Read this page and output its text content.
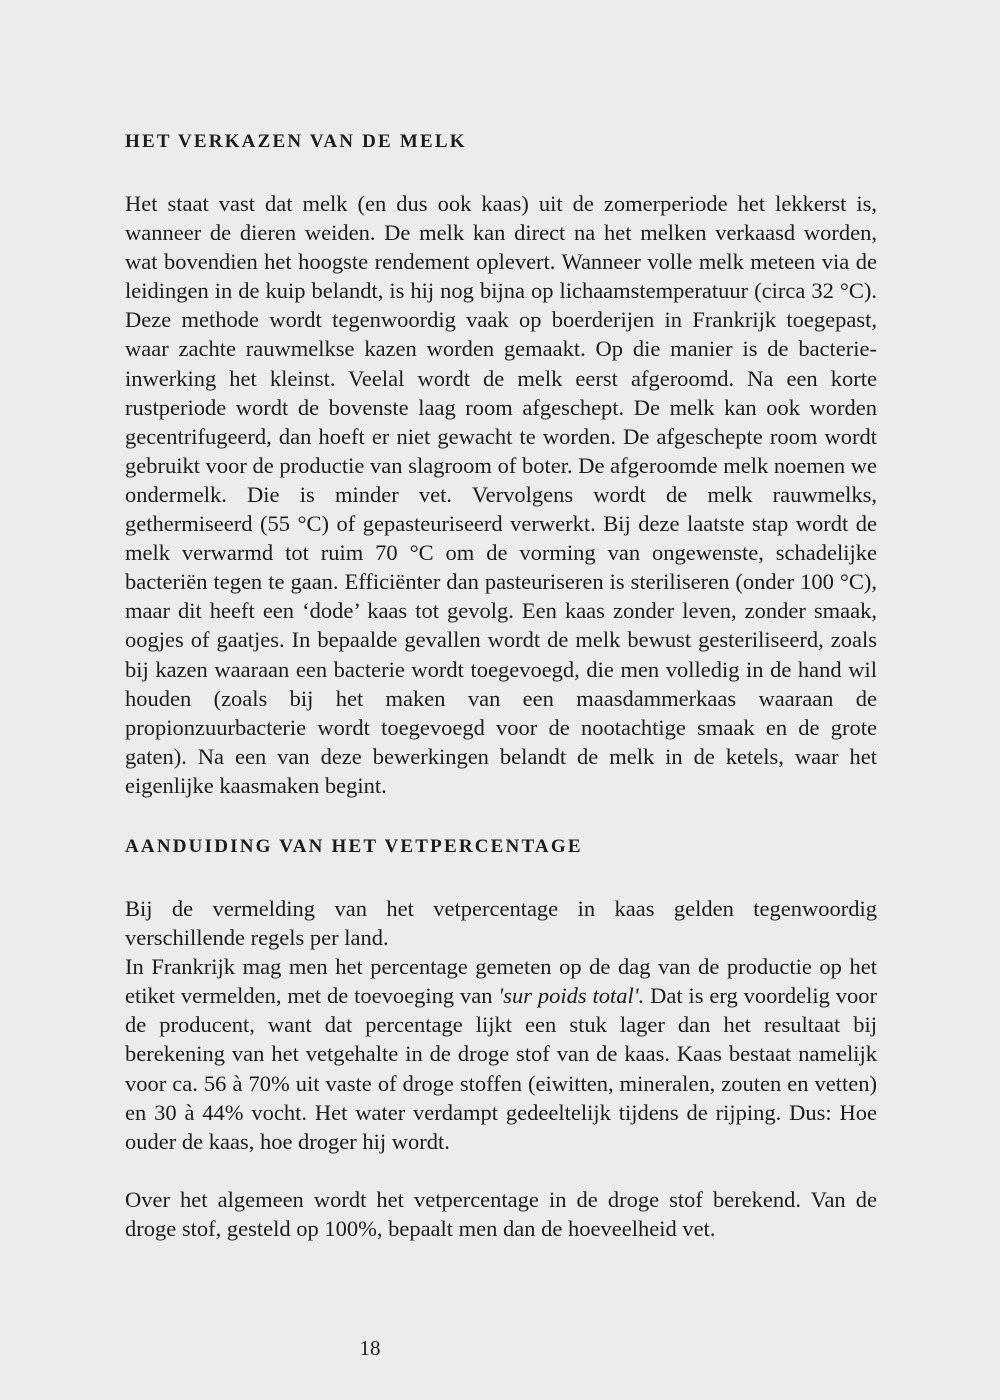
HET VERKAZEN VAN DE MELK

Het staat vast dat melk (en dus ook kaas) uit de zomerperiode het lekkerst is, wanneer de dieren weiden. De melk kan direct na het melken verkaasd worden, wat bovendien het hoogste rendement oplevert. Wanneer volle melk meteen via de leidingen in de kuip belandt, is hij nog bijna op lichaamstemperatuur (circa 32 °C). Deze methode wordt tegenwoordig vaak op boerderijen in Frankrijk toegepast, waar zachte rauwmelkse kazen worden gemaakt. Op die manier is de bacterie-inwerking het kleinst. Veelal wordt de melk eerst afgeroomd. Na een korte rustperiode wordt de bovenste laag room afgeschept. De melk kan ook worden gecentrifugeerd, dan hoeft er niet gewacht te worden. De afgeschepte room wordt gebruikt voor de productie van slagroom of boter. De afgeroomde melk noemen we ondermelk. Die is minder vet. Vervolgens wordt de melk rauwmelks, gethermiseerd (55 °C) of gepasteuriseerd verwerkt. Bij deze laatste stap wordt de melk verwarmd tot ruim 70 °C om de vorming van ongewenste, schadelijke bacteriën tegen te gaan. Efficiënter dan pasteuriseren is steriliseren (onder 100 °C), maar dit heeft een ‘dode’ kaas tot gevolg. Een kaas zonder leven, zonder smaak, oogjes of gaatjes. In bepaalde gevallen wordt de melk bewust gesteriliseerd, zoals bij kazen waaraan een bacterie wordt toegevoegd, die men volledig in de hand wil houden (zoals bij het maken van een maasdammerkaas waaraan de propionzuurbacterie wordt toegevoegd voor de nootachtige smaak en de grote gaten). Na een van deze bewerkingen belandt de melk in de ketels, waar het eigenlijke kaasmaken begint.

AANDUIDING VAN HET VETPERCENTAGE

Bij de vermelding van het vetpercentage in kaas gelden tegenwoordig verschillende regels per land.

In Frankrijk mag men het percentage gemeten op de dag van de productie op het etiket vermelden, met de toevoeging van 'sur poids total'. Dat is erg voordelig voor de producent, want dat percentage lijkt een stuk lager dan het resultaat bij berekening van het vetgehalte in de droge stof van de kaas. Kaas bestaat namelijk voor ca. 56 à 70% uit vaste of droge stoffen (eiwitten, mineralen, zouten en vetten) en 30 à 44% vocht. Het water verdampt gedeeltelijk tijdens de rijping. Dus: Hoe ouder de kaas, hoe droger hij wordt.

Over het algemeen wordt het vetpercentage in de droge stof berekend. Van de droge stof, gesteld op 100%, bepaalt men dan de hoeveelheid vet.

18
